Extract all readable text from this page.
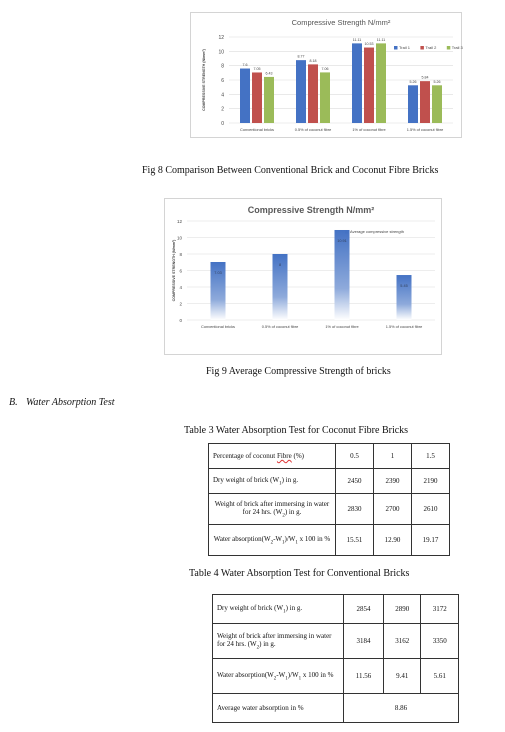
Compressive Strength N/mm²
0
2
4
6
8
10
12
COMPRESSIVE STRENGTH (N/mm²)	7.6
7.05
6.43
Conventional bricks
8.77
8.18
7.06
0.5% of coconut fibre
11.11
10.53
11.11
1% of coconut fibre
5.26
5.84
5.26
1.5% of coconut fibre
Trail 1	Trail 2	Trail 3
Fig 8 Comparison Between Conventional Brick and Coconut Fibre Bricks
Compressive Strength N/mm²
0
2
4
6
8
10
12
COMPRESSIVE STRENGTH (N/mm²)	7.03
Conventional bricks
8
0.5% of coconut fibre
10.91
1% of coconut fibre
5.45
1.5% of coconut fibre
Average compressive strength
Fig 9 Average Compressive Strength of bricks
B. Water Absorption Test
Table 3 Water Absorption Test for Coconut Fibre Bricks
Percentage of coconut Fibre (%)	0.5	1	1.5
Dry weight of brick $(W_1)$ in g.	2450	2390	2190
Weight of brick after immersing in water for 24 hrs. $(W_2)$ in g.	2830	2700	2610
Water $absorption(W_2-W_1)/W_1$ x 100 in %	15.51	12.90	19.17
Table 4 Water Absorption Test for Conventional Bricks
Dry weight of brick $(W_1)$ in g.	2854	2890	3172
Weight of brick after immersing in water for 24 hrs. $(W_2)$ in g.	3184	3162	3350
Water $absorption(W_2-W_1)/W_1$ x 100 in %	11.56	9.41	5.61
Average water absorption in %	8.86		
